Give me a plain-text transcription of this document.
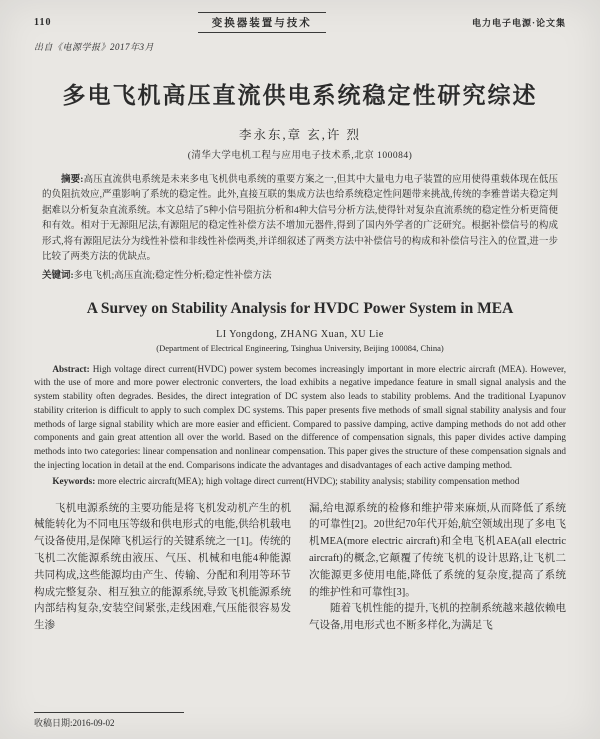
110	变换器装置与技术	电力电子电源·论文集
出自《电源学报》2017年3月
多电飞机高压直流供电系统稳定性研究综述
李永东,章 玄,许 烈
(清华大学电机工程与应用电子技术系,北京 100084)

摘要:高压直流供电系统是未来多电飞机供电系统的重要方案之一,但其中大量电力电子装置的应用使得重载体现在低压的负阻抗效应,严重影响了系统的稳定性。此外,直接互联的集成方法也给系统稳定性问题带来挑战,传统的李雅普诺夫稳定判据难以分析复杂直流系统。本文总结了5种小信号阻抗分析和4种大信号分析方法,使得针对复杂直流系统的稳定性分析更简便和有效。相对于无源阻尼法,有源阻尼的稳定性补偿方法不增加元器件,得到了国内外学者的广泛研究。根据补偿信号的构成形式,将有源阻尼法分为线性补偿和非线性补偿两类,并详细叙述了两类方法中补偿信号的构成和补偿信号注入的位置,进一步比较了两类方法的优缺点。

关键词:多电飞机;高压直流;稳定性分析;稳定性补偿方法

A Survey on Stability Analysis for HVDC Power System in MEA
LI Yongdong, ZHANG Xuan, XU Lie
(Department of Electrical Engineering, Tsinghua University, Beijing 100084, China)

Abstract: High voltage direct current(HVDC) power system becomes increasingly important in more electric aircraft (MEA). However, with the use of more and more power electronic converters, the load exhibits a negative impedance feature in small signal analysis and the system stability often degrades. Besides, the direct integration of DC system also leads to stability problems. And the traditional Lyapunov stability criterion is difficult to apply to such complex DC systems. This paper presents five methods of small signal stability analysis and four methods of large signal stability which are more easier and efficient. Compared to passive damping, active damping methods do not add other components and gain great attention all over the world. Based on the difference of compensation signals, this paper divides active damping methods into two categories: linear compensation and nonlinear compensation. This paper gives the structure of these compensation signals and the injecting location in detail at the end. Comparisons indicate the advantages and disadvantages of each active damping method.

Keywords: more electric aircraft(MEA); high voltage direct current(HVDC); stability analysis; stability compensation method

飞机电源系统的主要功能是将飞机发动机产生的机械能转化为不同电压等级和供电形式的电能,供给机载电气设备使用,是保障飞机运行的关键系统之一[1]。传统的飞机二次能源系统由液压、气压、机械和电能4种能源共同构成,这些能源均由产生、传输、分配和利用等环节构成完整复杂、相互独立的能源系统,导致飞机能源系统内部结构复杂,安装空间紧张,走线困难,气压能很容易发生渗

漏,给电源系统的检修和维护带来麻烦,从而降低了系统的可靠性[2]。20世纪70年代开始,航空领域出现了多电飞机MEA(more electric aircraft)和全电飞机AEA(all electric aircraft)的概念,它颠覆了传统飞机的设计思路,让飞机二次能源更多使用电能,降低了系统的复杂度,提高了系统的维护性和可靠性[3]。

随着飞机性能的提升,飞机的控制系统越来越依赖电气设备,用电形式也不断多样化,为满足飞

收稿日期:2016-09-02
